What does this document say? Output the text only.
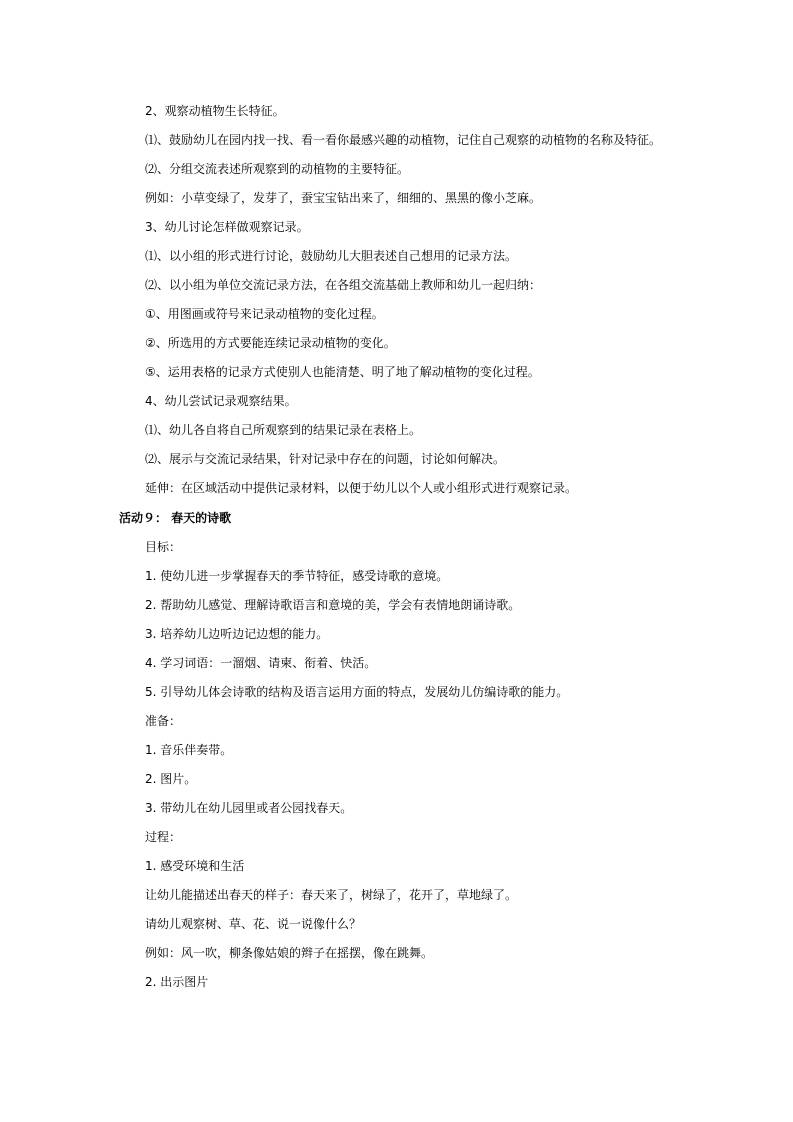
2、观察动植物生长特征。
⑴、鼓励幼儿在园内找一找、看一看你最感兴趣的动植物，记住自己观察的动植物的名称及特征。
⑵、分组交流表述所观察到的动植物的主要特征。
例如：小草变绿了，发芽了，蚕宝宝钻出来了，细细的、黑黑的像小芝麻。
3、幼儿讨论怎样做观察记录。
⑴、以小组的形式进行讨论，鼓励幼儿大胆表述自己想用的记录方法。
⑵、以小组为单位交流记录方法，在各组交流基础上教师和幼儿一起归纳：
①、用图画或符号来记录动植物的变化过程。
②、所选用的方式要能连续记录动植物的变化。
⑤、运用表格的记录方式使别人也能清楚、明了地了解动植物的变化过程。
4、幼儿尝试记录观察结果。
⑴、幼儿各自将自己所观察到的结果记录在表格上。
⑵、展示与交流记录结果，针对记录中存在的问题，讨论如何解决。
延伸：在区域活动中提供记录材料，以便于幼儿以个人或小组形式进行观察记录。
活动９： 春天的诗歌
目标：
1. 使幼儿进一步掌握春天的季节特征，感受诗歌的意境。
2. 帮助幼儿感觉、理解诗歌语言和意境的美，学会有表情地朗诵诗歌。
3. 培养幼儿边听边记边想的能力。
4. 学习词语：一溜烟、请柬、衔着、快活。
5. 引导幼儿体会诗歌的结构及语言运用方面的特点，发展幼儿仿编诗歌的能力。
准备：
1. 音乐伴奏带。
2. 图片。
3. 带幼儿在幼儿园里或者公园找春天。
过程：
1. 感受环境和生活
让幼儿能描述出春天的样子：春天来了，树绿了，花开了，草地绿了。
请幼儿观察树、草、花、说一说像什么？
例如：风一吹，柳条像姑娘的辫子在摇摆，像在跳舞。
2. 出示图片
